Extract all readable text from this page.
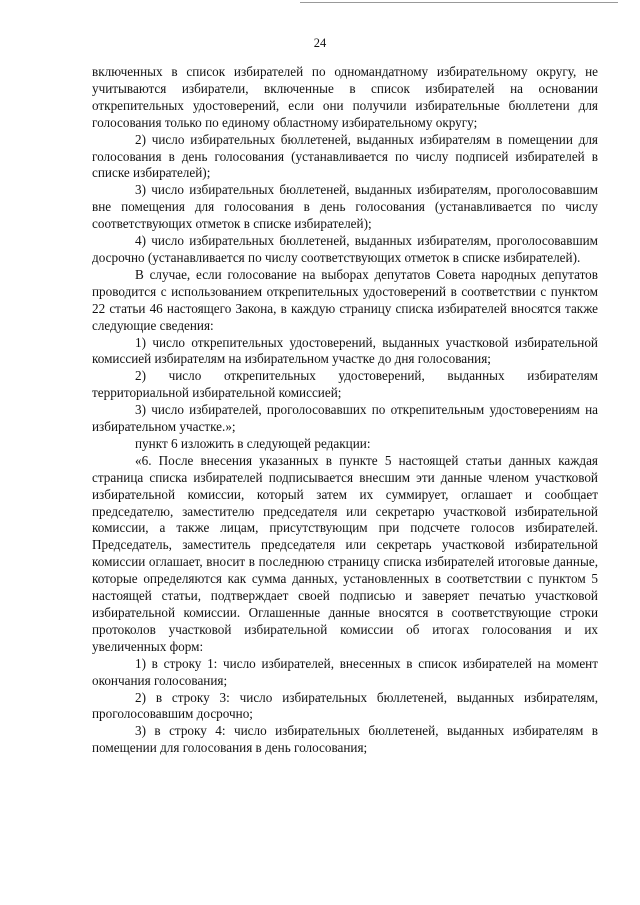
24

включенных в список избирателей по одномандатному избирательному округу, не учитываются избиратели, включенные в список избирателей на основании открепительных удостоверений, если они получили избирательные бюллетени для голосования только по единому областному избирательному округу;

2) число избирательных бюллетеней, выданных избирателям в помещении для голосования в день голосования (устанавливается по числу подписей избирателей в списке избирателей);

3) число избирательных бюллетеней, выданных избирателям, проголосовавшим вне помещения для голосования в день голосования (устанавливается по числу соответствующих отметок в списке избирателей);

4) число избирательных бюллетеней, выданных избирателям, проголосовавшим досрочно (устанавливается по числу соответствующих отметок в списке избирателей).

В случае, если голосование на выборах депутатов Совета народных депутатов проводится с использованием открепительных удостоверений в соответствии с пунктом 22 статьи 46 настоящего Закона, в каждую страницу списка избирателей вносятся также следующие сведения:

1) число открепительных удостоверений, выданных участковой избирательной комиссией избирателям на избирательном участке до дня голосования;

2) число открепительных удостоверений, выданных избирателям территориальной избирательной комиссией;

3) число избирателей, проголосовавших по открепительным удостоверениям на избирательном участке.»;

пункт 6 изложить в следующей редакции:

«6. После внесения указанных в пункте 5 настоящей статьи данных каждая страница списка избирателей подписывается внесшим эти данные членом участковой избирательной комиссии, который затем их суммирует, оглашает и сообщает председателю, заместителю председателя или секретарю участковой избирательной комиссии, а также лицам, присутствующим при подсчете голосов избирателей. Председатель, заместитель председателя или секретарь участковой избирательной комиссии оглашает, вносит в последнюю страницу списка избирателей итоговые данные, которые определяются как сумма данных, установленных в соответствии с пунктом 5 настоящей статьи, подтверждает своей подписью и заверяет печатью участковой избирательной комиссии. Оглашенные данные вносятся в соответствующие строки протоколов участковой избирательной комиссии об итогах голосования и их увеличенных форм:

1) в строку 1: число избирателей, внесенных в список избирателей на момент окончания голосования;

2) в строку 3: число избирательных бюллетеней, выданных избирателям, проголосовавшим досрочно;

3) в строку 4: число избирательных бюллетеней, выданных избирателям в помещении для голосования в день голосования;
